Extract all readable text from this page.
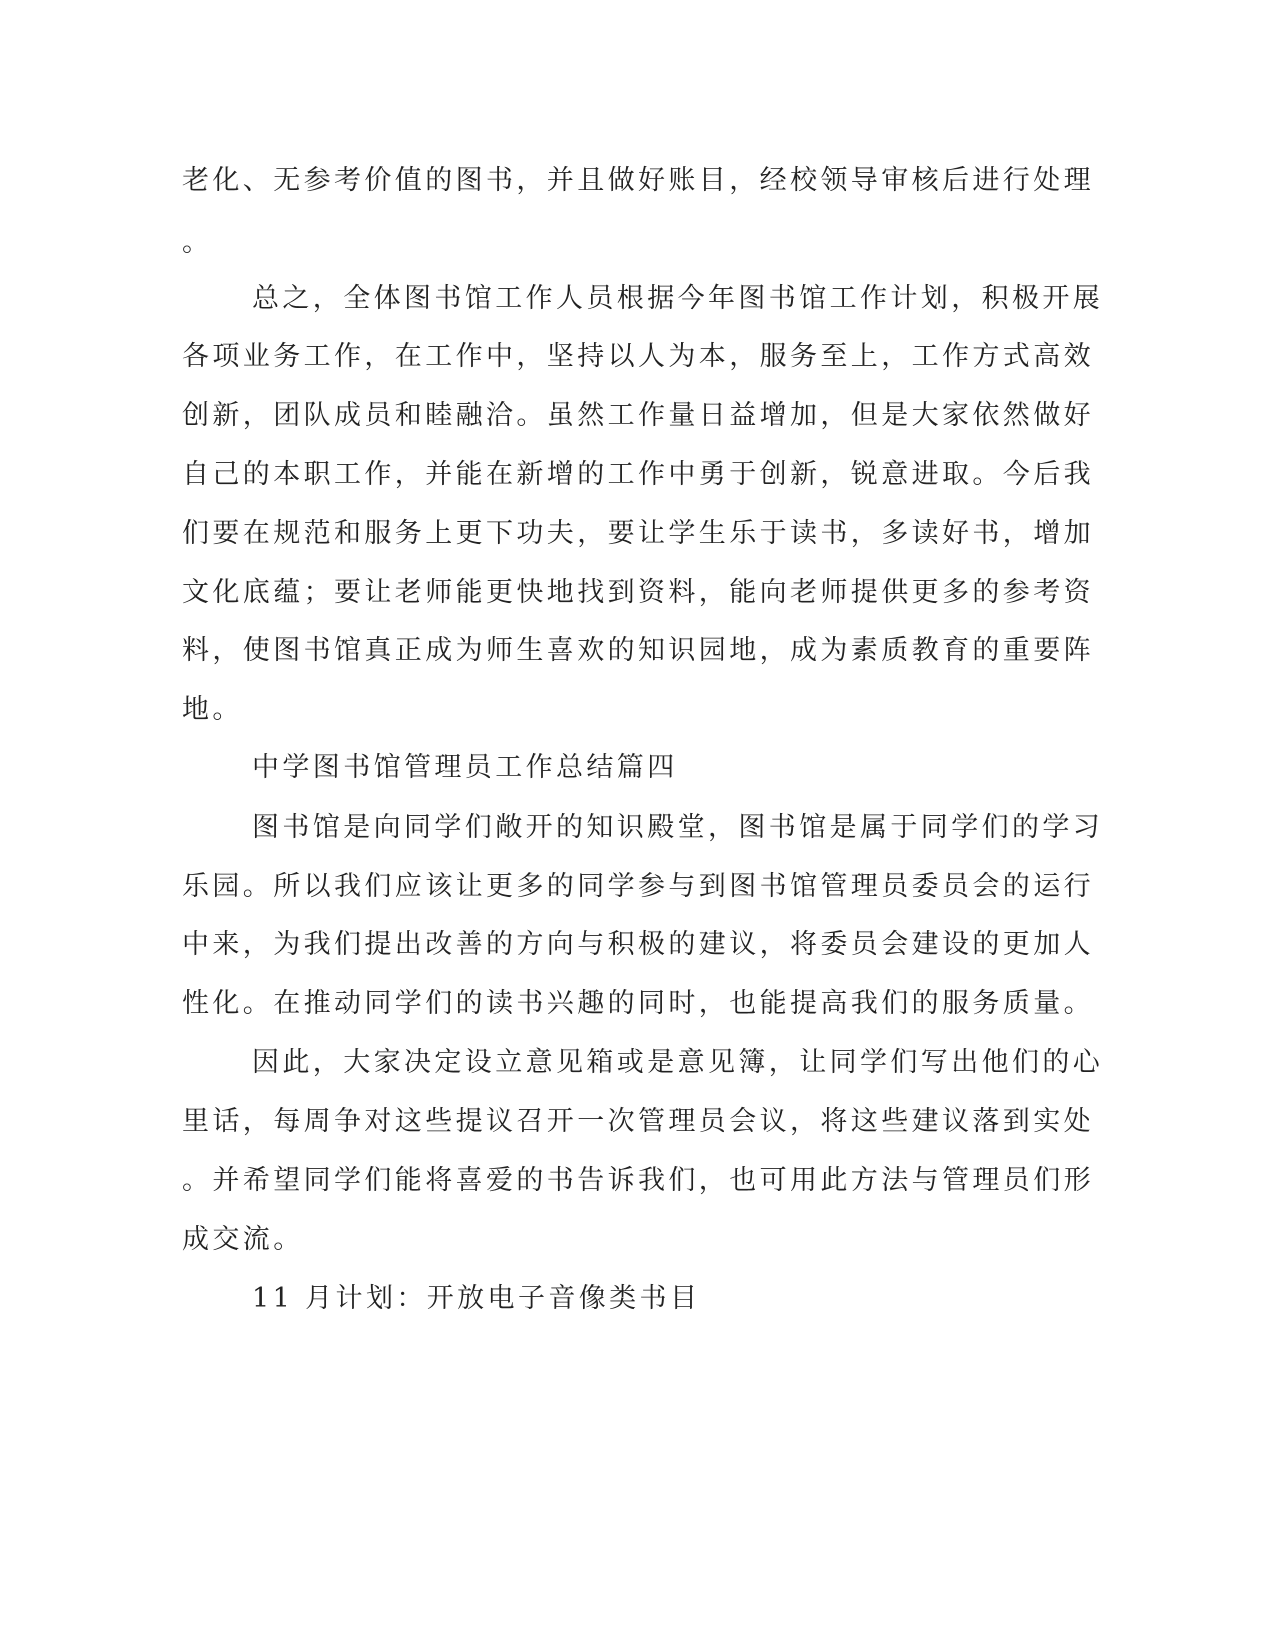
老化、无参考价值的图书，并且做好账目，经校领导审核后进行处理

。

总之，全体图书馆工作人员根据今年图书馆工作计划，积极开展

各项业务工作，在工作中，坚持以人为本，服务至上，工作方式高效

创新，团队成员和睦融洽。虽然工作量日益增加，但是大家依然做好

自己的本职工作，并能在新增的工作中勇于创新，锐意进取。今后我

们要在规范和服务上更下功夫，要让学生乐于读书，多读好书，增加

文化底蕴；要让老师能更快地找到资料，能向老师提供更多的参考资

料，使图书馆真正成为师生喜欢的知识园地，成为素质教育的重要阵

地。

中学图书馆管理员工作总结篇四

图书馆是向同学们敞开的知识殿堂，图书馆是属于同学们的学习

乐园。所以我们应该让更多的同学参与到图书馆管理员委员会的运行

中来，为我们提出改善的方向与积极的建议，将委员会建设的更加人

性化。在推动同学们的读书兴趣的同时，也能提高我们的服务质量。

因此，大家决定设立意见箱或是意见簿，让同学们写出他们的心

里话，每周争对这些提议召开一次管理员会议，将这些建议落到实处

。并希望同学们能将喜爱的书告诉我们，也可用此方法与管理员们形

成交流。

11 月计划：开放电子音像类书目
